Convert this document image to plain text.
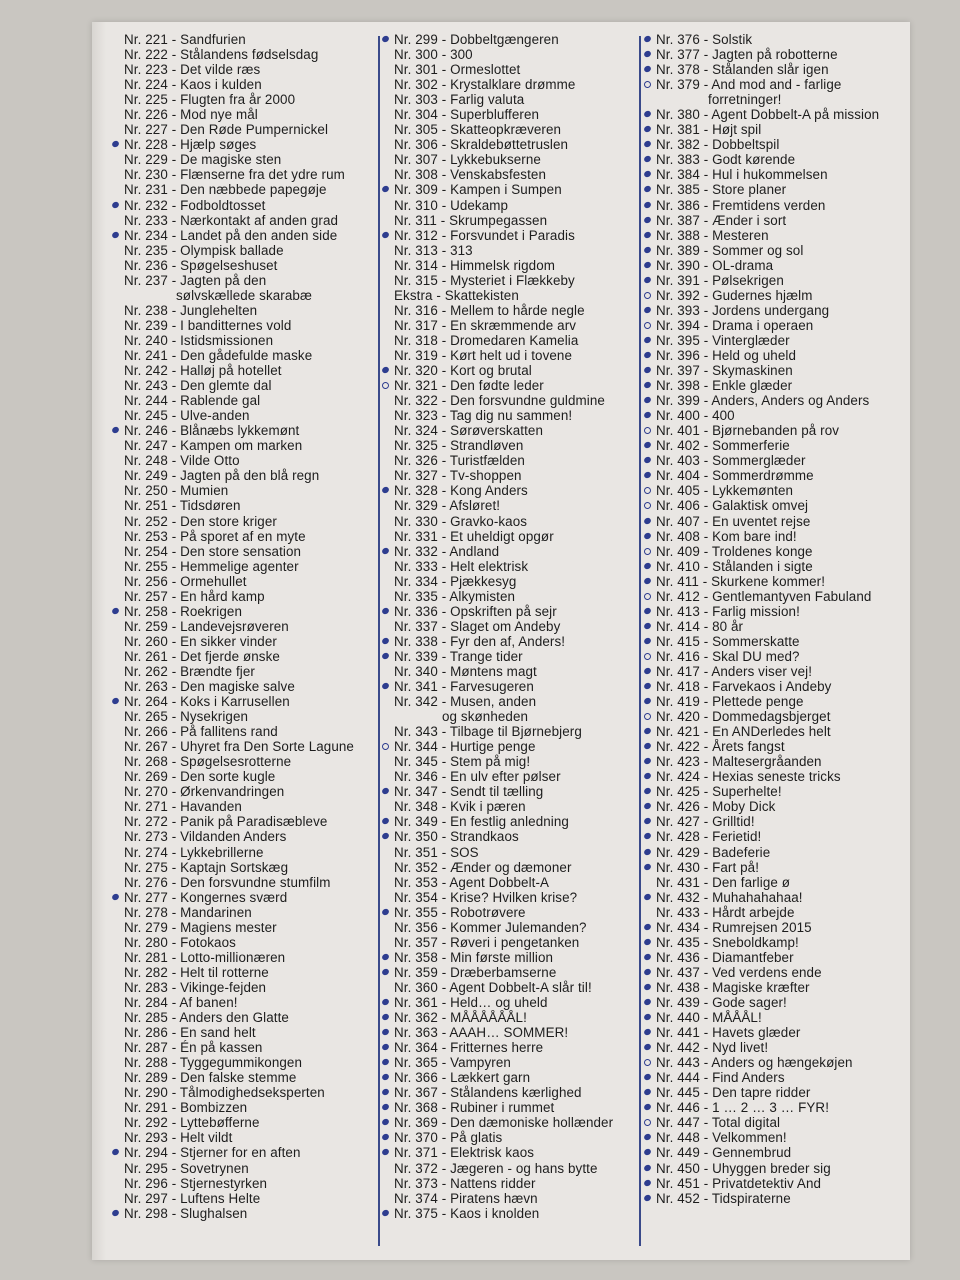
Nr. 221 - Sandfurien
Nr. 222 - Stålandens fødselsdag
Nr. 223 - Det vilde ræs
Nr. 224 - Kaos i kulden
Nr. 225 - Flugten fra år 2000
Nr. 226 - Mod nye mål
Nr. 227 - Den Røde Pumpernickel
Nr. 228 - Hjælp søges
Nr. 229 - De magiske sten
Nr. 230 - Flænserne fra det ydre rum
Nr. 231 - Den næbbede papegøje
Nr. 232 - Fodboldtosset
Nr. 233 - Nærkontakt af anden grad
Nr. 234 - Landet på den anden side
Nr. 235 - Olympisk ballade
Nr. 236 - Spøgelseshuset
Nr. 237 - Jagten på den
sølvskællede skarabæ
Nr. 238 - Junglehelten
Nr. 239 - I banditternes vold
Nr. 240 - Istidsmissionen
Nr. 241 - Den gådefulde maske
Nr. 242 - Halløj på hotellet
Nr. 243 - Den glemte dal
Nr. 244 - Rablende gal
Nr. 245 - Ulve-anden
Nr. 246 - Blånæbs lykkemønt
Nr. 247 - Kampen om marken
Nr. 248 - Vilde Otto
Nr. 249 - Jagten på den blå regn
Nr. 250 - Mumien
Nr. 251 - Tidsdøren
Nr. 252 - Den store kriger
Nr. 253 - På sporet af en myte
Nr. 254 - Den store sensation
Nr. 255 - Hemmelige agenter
Nr. 256 - Ormehullet
Nr. 257 - En hård kamp
Nr. 258 - Roekrigen
Nr. 259 - Landevejsrøveren
Nr. 260 - En sikker vinder
Nr. 261 - Det fjerde ønske
Nr. 262 - Brændte fjer
Nr. 263 - Den magiske salve
Nr. 264 - Koks i Karrusellen
Nr. 265 - Nysekrigen
Nr. 266 - På fallitens rand
Nr. 267 - Uhyret fra Den Sorte Lagune
Nr. 268 - Spøgelsesrotterne
Nr. 269 - Den sorte kugle
Nr. 270 - Ørkenvandringen
Nr. 271 - Havanden
Nr. 272 - Panik på Paradisæbleve
Nr. 273 - Vildanden Anders
Nr. 274 - Lykkebrillerne
Nr. 275 - Kaptajn Sortskæg
Nr. 276 - Den forsvundne stumfilm
Nr. 277 - Kongernes sværd
Nr. 278 - Mandarinen
Nr. 279 - Magiens mester
Nr. 280 - Fotokaos
Nr. 281 - Lotto-millionæren
Nr. 282 - Helt til rotterne
Nr. 283 - Vikinge-fejden
Nr. 284 - Af banen!
Nr. 285 - Anders den Glatte
Nr. 286 - En sand helt
Nr. 287 - Én på kassen
Nr. 288 - Tyggegummikongen
Nr. 289 - Den falske stemme
Nr. 290 - Tålmodighedseksperten
Nr. 291 - Bombizzen
Nr. 292 - Lyttebøfferne
Nr. 293 - Helt vildt
Nr. 294 - Stjerner for en aften
Nr. 295 - Sovetrynen
Nr. 296 - Stjernestyrken
Nr. 297 - Luftens Helte
Nr. 298 - Slughalsen
Nr. 299 - Dobbeltgængeren
Nr. 300 - 300
Nr. 301 - Ormeslottet
Nr. 302 - Krystalklare drømme
Nr. 303 - Farlig valuta
Nr. 304 - Superblufferen
Nr. 305 - Skatteopkræveren
Nr. 306 - Skraldebøttetruslen
Nr. 307 - Lykkebukserne
Nr. 308 - Venskabsfesten
Nr. 309 - Kampen i Sumpen
Nr. 310 - Udekamp
Nr. 311 - Skrumpegassen
Nr. 312 - Forsvundet i Paradis
Nr. 313 - 313
Nr. 314 - Himmelsk rigdom
Nr. 315 - Mysteriet i Flækkeby
Ekstra - Skattekisten
Nr. 316 - Mellem to hårde negle
Nr. 317 - En skræmmende arv
Nr. 318 - Dromedaren Kamelia
Nr. 319 - Kørt helt ud i tovene
Nr. 320 - Kort og brutal
Nr. 321 - Den fødte leder
Nr. 322 - Den forsvundne guldmine
Nr. 323 - Tag dig nu sammen!
Nr. 324 - Sørøverskatten
Nr. 325 - Strandløven
Nr. 326 - Turistfælden
Nr. 327 - Tv-shoppen
Nr. 328 - Kong Anders
Nr. 329 - Afsløret!
Nr. 330 - Gravko-kaos
Nr. 331 - Et uheldigt opgør
Nr. 332 - Andland
Nr. 333 - Helt elektrisk
Nr. 334 - Pjækkesyg
Nr. 335 - Alkymisten
Nr. 336 - Opskriften på sejr
Nr. 337 - Slaget om Andeby
Nr. 338 - Fyr den af, Anders!
Nr. 339 - Trange tider
Nr. 340 - Møntens magt
Nr. 341 - Farvesugeren
Nr. 342 - Musen, anden
og skønheden
Nr. 343 - Tilbage til Bjørnebjerg
Nr. 344 - Hurtige penge
Nr. 345 - Stem på mig!
Nr. 346 - En ulv efter pølser
Nr. 347 - Sendt til tælling
Nr. 348 - Kvik i pæren
Nr. 349 - En festlig anledning
Nr. 350 - Strandkaos
Nr. 351 - SOS
Nr. 352 - Ænder og dæmoner
Nr. 353 - Agent Dobbelt-A
Nr. 354 - Krise? Hvilken krise?
Nr. 355 - Robotrøvere
Nr. 356 - Kommer Julemanden?
Nr. 357 - Røveri i pengetanken
Nr. 358 - Min første million
Nr. 359 - Dræberbamserne
Nr. 360 - Agent Dobbelt-A slår til!
Nr. 361 - Held… og uheld
Nr. 362 - MÅÅÅÅÅÅL!
Nr. 363 - AAAH… SOMMER!
Nr. 364 - Fritternes herre
Nr. 365 - Vampyren
Nr. 366 - Lækkert garn
Nr. 367 - Stålandens kærlighed
Nr. 368 - Rubiner i rummet
Nr. 369 - Den dæmoniske hollænder
Nr. 370 - På glatis
Nr. 371 - Elektrisk kaos
Nr. 372 - Jægeren - og hans bytte
Nr. 373 - Nattens ridder
Nr. 374 - Piratens hævn
Nr. 375 - Kaos i knolden
Nr. 376 - Solstik
Nr. 377 - Jagten på robotterne
Nr. 378 - Stålanden slår igen
Nr. 379 - And mod and - farlige
forretninger!
Nr. 380 - Agent Dobbelt-A på mission
Nr. 381 - Højt spil
Nr. 382 - Dobbeltspil
Nr. 383 - Godt kørende
Nr. 384 - Hul i hukommelsen
Nr. 385 - Store planer
Nr. 386 - Fremtidens verden
Nr. 387 - Ænder i sort
Nr. 388 - Mesteren
Nr. 389 - Sommer og sol
Nr. 390 - OL-drama
Nr. 391 - Pølsekrigen
Nr. 392 - Gudernes hjælm
Nr. 393 - Jordens undergang
Nr. 394 - Drama i operaen
Nr. 395 - Vinterglæder
Nr. 396 - Held og uheld
Nr. 397 - Skymaskinen
Nr. 398 - Enkle glæder
Nr. 399 - Anders, Anders og Anders
Nr. 400 - 400
Nr. 401 - Bjørnebanden på rov
Nr. 402 - Sommerferie
Nr. 403 - Sommerglæder
Nr. 404 - Sommerdrømme
Nr. 405 - Lykkemønten
Nr. 406 - Galaktisk omvej
Nr. 407 - En uventet rejse
Nr. 408 - Kom bare ind!
Nr. 409 - Troldenes konge
Nr. 410 - Stålanden i sigte
Nr. 411 - Skurkene kommer!
Nr. 412 - Gentlemantyven Fabuland
Nr. 413 - Farlig mission!
Nr. 414 - 80 år
Nr. 415 - Sommerskatte
Nr. 416 - Skal DU med?
Nr. 417 - Anders viser vej!
Nr. 418 - Farvekaos i Andeby
Nr. 419 - Plettede penge
Nr. 420 - Dommedagsbjerget
Nr. 421 - En ANDerledes helt
Nr. 422 - Årets fangst
Nr. 423 - Maltesergråanden
Nr. 424 - Hexias seneste tricks
Nr. 425 - Superhelte!
Nr. 426 - Moby Dick
Nr. 427 - Grilltid!
Nr. 428 - Ferietid!
Nr. 429 - Badeferie
Nr. 430 - Fart på!
Nr. 431 - Den farlige ø
Nr. 432 - Muhahahahaa!
Nr. 433 - Hårdt arbejde
Nr. 434 - Rumrejsen 2015
Nr. 435 - Sneboldkamp!
Nr. 436 - Diamantfeber
Nr. 437 - Ved verdens ende
Nr. 438 - Magiske kræfter
Nr. 439 - Gode sager!
Nr. 440 - MÅÅÅL!
Nr. 441 - Havets glæder
Nr. 442 - Nyd livet!
Nr. 443 - Anders og hængekøjen
Nr. 444 - Find Anders
Nr. 445 - Den tapre ridder
Nr. 446 - 1 … 2 … 3 … FYR!
Nr. 447 - Total digital
Nr. 448 - Velkommen!
Nr. 449 - Gennembrud
Nr. 450 - Uhyggen breder sig
Nr. 451 - Privatdetektiv And
Nr. 452 - Tidspiraterne
